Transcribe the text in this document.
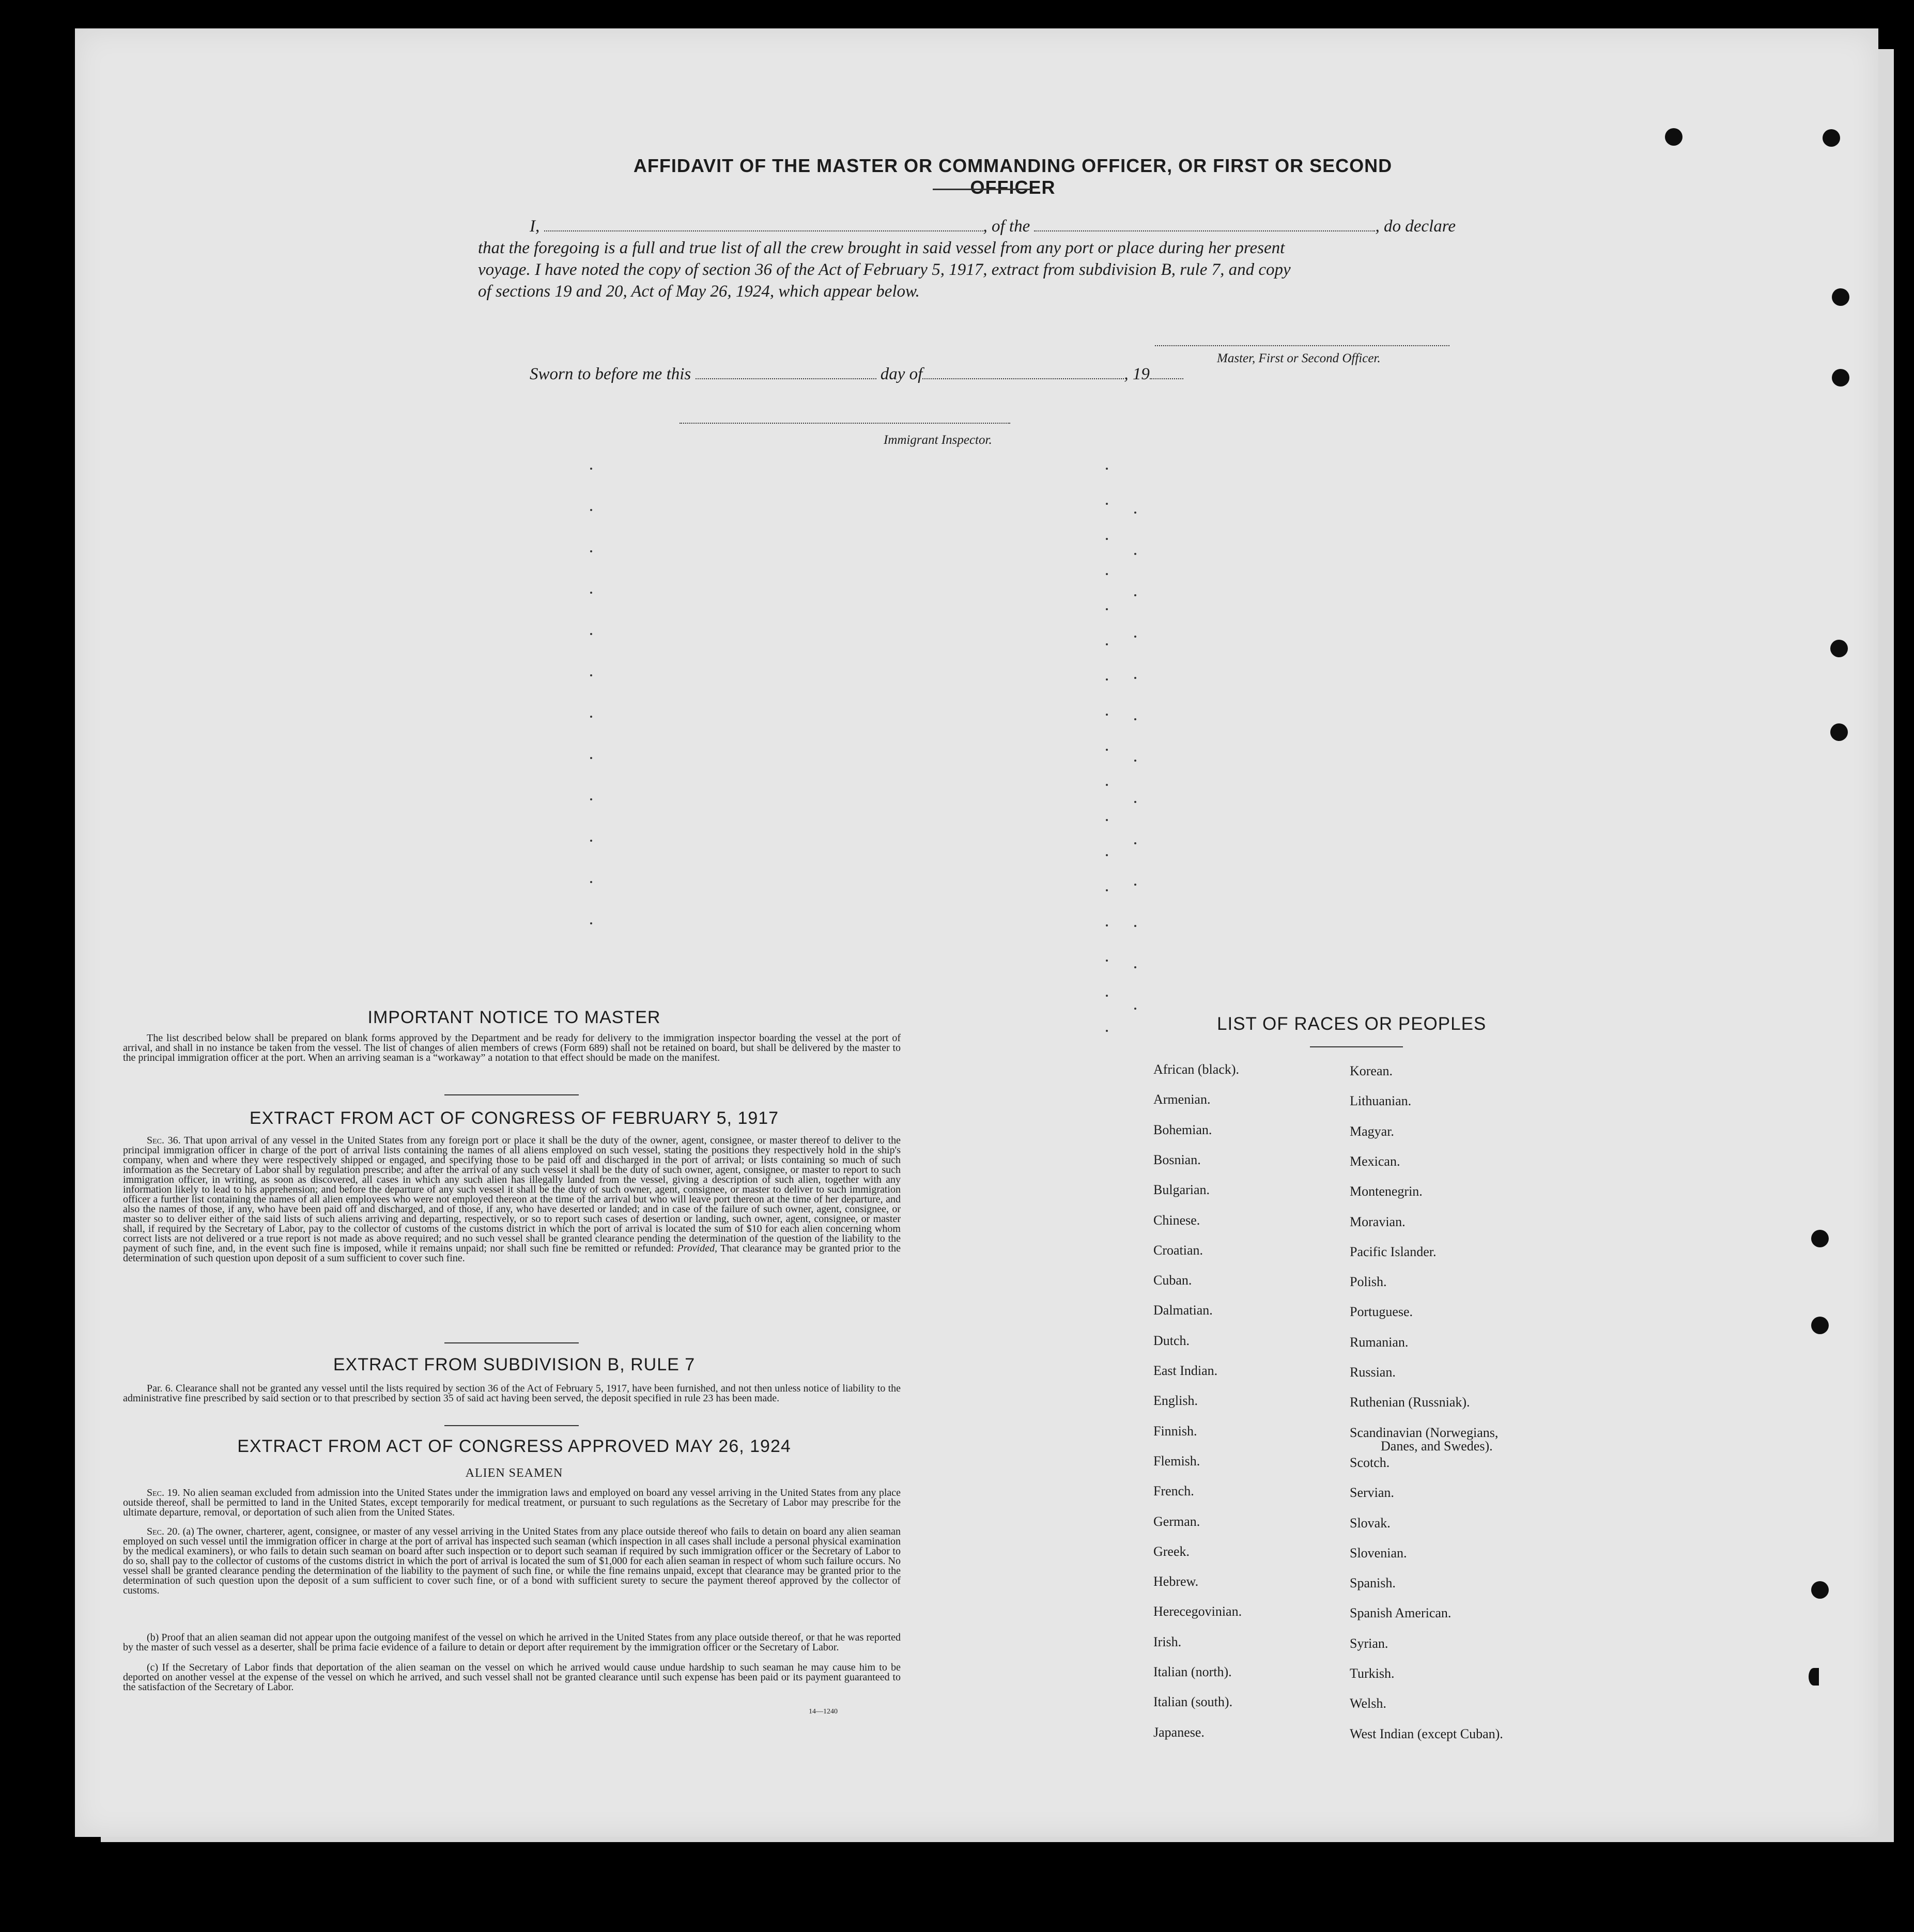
AFFIDAVIT OF THE MASTER OR COMMANDING OFFICER, OR FIRST OR SECOND OFFICER
I,	, of the	, do declare
that the foregoing is a full and true list of all the crew brought in said vessel from any port or place during her present
voyage. I have noted the copy of section 36 of the Act of February 5, 1917, extract from subdivision B, rule 7, and copy
of sections 19 and 20, Act of May 26, 1924, which appear below.
Master, First or Second Officer.
Sworn to before me this	day of	, 19
Immigrant Inspector.
IMPORTANT NOTICE TO MASTER
The list described below shall be prepared on blank forms approved by the Department and be ready for delivery to the immigration inspector boarding the vessel at the port of arrival, and shall in no instance be taken from the vessel. The list of changes of alien members of crews (Form 689) shall not be retained on board, but shall be delivered by the master to the principal immigration officer at the port. When an arriving seaman is a “workaway” a notation to that effect should be made on the manifest.
EXTRACT FROM ACT OF CONGRESS OF FEBRUARY 5, 1917
Sec. 36. That upon arrival of any vessel in the United States from any foreign port or place it shall be the duty of the owner, agent, consignee, or master thereof to deliver to the principal immigration officer in charge of the port of arrival lists containing the names of all aliens employed on such vessel, stating the positions they respectively hold in the ship's company, when and where they were respectively shipped or engaged, and specifying those to be paid off and discharged in the port of arrival; or lists containing so much of such information as the Secretary of Labor shall by regulation prescribe; and after the arrival of any such vessel it shall be the duty of such owner, agent, consignee, or master to report to such immigration officer, in writing, as soon as discovered, all cases in which any such alien has illegally landed from the vessel, giving a description of such alien, together with any information likely to lead to his apprehension; and before the departure of any such vessel it shall be the duty of such owner, agent, consignee, or master to deliver to such immigration officer a further list containing the names of all alien employees who were not employed thereon at the time of the arrival but who will leave port thereon at the time of her departure, and also the names of those, if any, who have been paid off and discharged, and of those, if any, who have deserted or landed; and in case of the failure of such owner, agent, consignee, or master so to deliver either of the said lists of such aliens arriving and departing, respectively, or so to report such cases of desertion or landing, such owner, agent, consignee, or master shall, if required by the Secretary of Labor, pay to the collector of customs of the customs district in which the port of arrival is located the sum of $10 for each alien concerning whom correct lists are not delivered or a true report is not made as above required; and no such vessel shall be granted clearance pending the determination of the question of the liability to the payment of such fine, and, in the event such fine is imposed, while it remains unpaid; nor shall such fine be remitted or refunded: Provided, That clearance may be granted prior to the determination of such question upon deposit of a sum sufficient to cover such fine.
EXTRACT FROM SUBDIVISION B, RULE 7
Par. 6. Clearance shall not be granted any vessel until the lists required by section 36 of the Act of February 5, 1917, have been furnished, and not then unless notice of liability to the administrative fine prescribed by said section or to that prescribed by section 35 of said act having been served, the deposit specified in rule 23 has been made.
EXTRACT FROM ACT OF CONGRESS APPROVED MAY 26, 1924
ALIEN SEAMEN
Sec. 19. No alien seaman excluded from admission into the United States under the immigration laws and employed on board any vessel arriving in the United States from any place outside thereof, shall be permitted to land in the United States, except temporarily for medical treatment, or pursuant to such regulations as the Secretary of Labor may prescribe for the ultimate departure, removal, or deportation of such alien from the United States.
Sec. 20. (a) The owner, charterer, agent, consignee, or master of any vessel arriving in the United States from any place outside thereof who fails to detain on board any alien seaman employed on such vessel until the immigration officer in charge at the port of arrival has inspected such seaman (which inspection in all cases shall include a personal physical examination by the medical examiners), or who fails to detain such seaman on board after such inspection or to deport such seaman if required by such immigration officer or the Secretary of Labor to do so, shall pay to the collector of customs of the customs district in which the port of arrival is located the sum of $1,000 for each alien seaman in respect of whom such failure occurs. No vessel shall be granted clearance pending the determination of the liability to the payment of such fine, or while the fine remains unpaid, except that clearance may be granted prior to the determination of such question upon the deposit of a sum sufficient to cover such fine, or of a bond with sufficient surety to secure the payment thereof approved by the collector of customs.
(b) Proof that an alien seaman did not appear upon the outgoing manifest of the vessel on which he arrived in the United States from any place outside thereof, or that he was reported by the master of such vessel as a deserter, shall be prima facie evidence of a failure to detain or deport after requirement by the immigration officer or the Secretary of Labor.
(c) If the Secretary of Labor finds that deportation of the alien seaman on the vessel on which he arrived would cause undue hardship to such seaman he may cause him to be deported on another vessel at the expense of the vessel on which he arrived, and such vessel shall not be granted clearance until such expense has been paid or its payment guaranteed to the satisfaction of the Secretary of Labor.
14—1240
LIST OF RACES OR PEOPLES
African (black).
Armenian.
Bohemian.
Bosnian.
Bulgarian.
Chinese.
Croatian.
Cuban.
Dalmatian.
Dutch.
East Indian.
English.
Finnish.
Flemish.
French.
German.
Greek.
Hebrew.
Herecegovinian.
Irish.
Italian (north).
Italian (south).
Japanese.
Korean.
Lithuanian.
Magyar.
Mexican.
Montenegrin.
Moravian.
Pacific Islander.
Polish.
Portuguese.
Rumanian.
Russian.
Ruthenian (Russniak).
Scandinavian (Norwegians,
Scotch.
Servian.
Slovak.
Slovenian.
Spanish.
Spanish American.
Syrian.
Turkish.
Welsh.
West Indian (except Cuban).
Danes, and Swedes).
